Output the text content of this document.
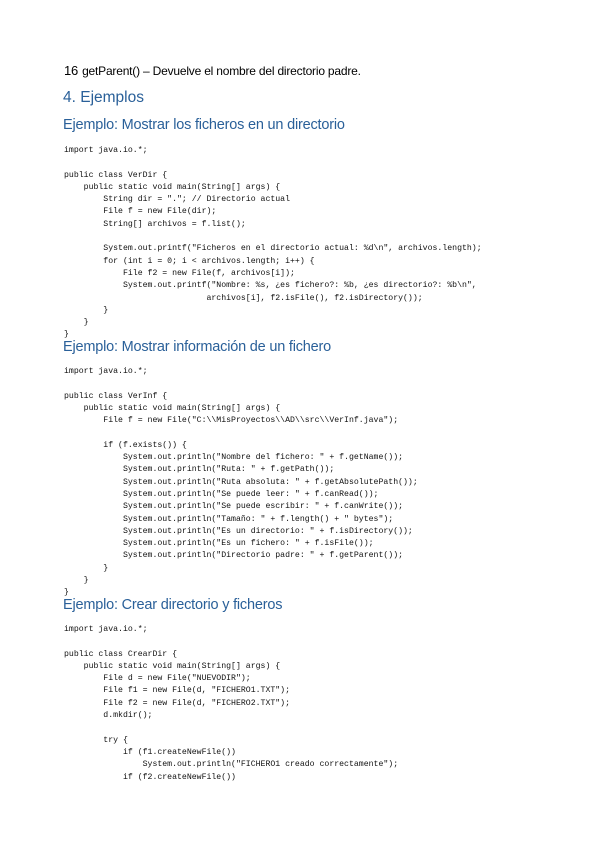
16 getParent() – Devuelve el nombre del directorio padre.
4. Ejemplos
Ejemplo: Mostrar los ficheros en un directorio
import java.io.*;
public class VerDir {
public static void main(String[] args) {
String dir = "."; // Directorio actual
File f = new File(dir);
String[] archivos = f.list();
System.out.printf("Ficheros en el directorio actual: %d\n", archivos.length);
for (int i = 0; i < archivos.length; i++) {
File f2 = new File(f, archivos[i]);
System.out.printf("Nombre: %s, ¿es fichero?: %b, ¿es directorio?: %b\n",
archivos[i], f2.isFile(), f2.isDirectory());
}
}
}
Ejemplo: Mostrar información de un fichero
import java.io.*;
public class VerInf {
public static void main(String[] args) {
File f = new File("C:\\MisProyectos\\AD\\src\\VerInf.java");
if (f.exists()) {
System.out.println("Nombre del fichero: " + f.getName());
System.out.println("Ruta: " + f.getPath());
System.out.println("Ruta absoluta: " + f.getAbsolutePath());
System.out.println("Se puede leer: " + f.canRead());
System.out.println("Se puede escribir: " + f.canWrite());
System.out.println("Tamaño: " + f.length() + " bytes");
System.out.println("Es un directorio: " + f.isDirectory());
System.out.println("Es un fichero: " + f.isFile());
System.out.println("Directorio padre: " + f.getParent());
}
}
}
Ejemplo: Crear directorio y ficheros
import java.io.*;
public class CrearDir {
public static void main(String[] args) {
File d = new File("NUEVODIR");
File f1 = new File(d, "FICHERO1.TXT");
File f2 = new File(d, "FICHERO2.TXT");
d.mkdir();
try {
if (f1.createNewFile())
System.out.println("FICHERO1 creado correctamente");
if (f2.createNewFile())
